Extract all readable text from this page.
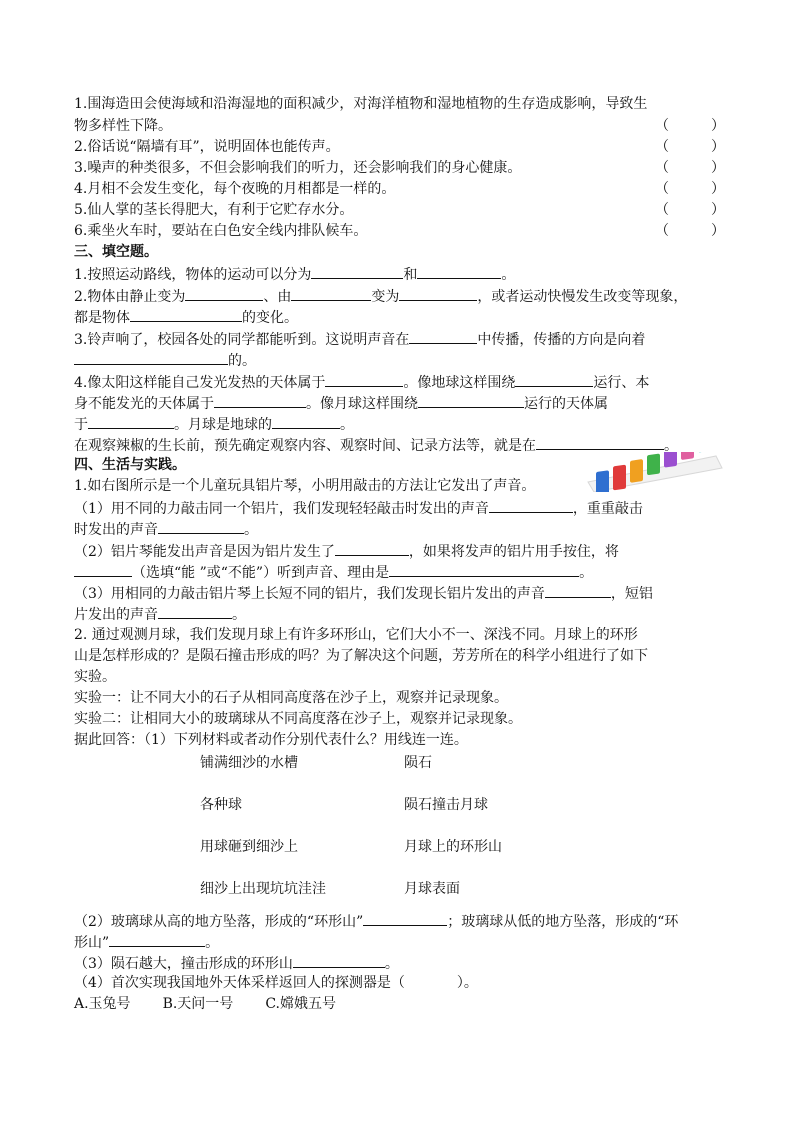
1.围海造田会使海域和沿海湿地的面积减少，对海洋植物和湿地植物的生存造成影响，导致生
物多样性下降。	（	）
2.俗话说“隔墙有耳”，说明固体也能传声。	（	）
3.噪声的种类很多，不但会影响我们的听力，还会影响我们的身心健康。	（	）
4.月相不会发生变化，每个夜晚的月相都是一样的。	（	）
5.仙人掌的茎长得肥大，有利于它贮存水分。	（	）
6.乘坐火车时，要站在白色安全线内排队候车。	（	）
三、填空题。
1.按照运动路线，物体的运动可以分为	和	。
2.物体由静止变为	、由	变为	，或者运动快慢发生改变等现象，
都是物体	的变化。
3.铃声响了，校园各处的同学都能听到。这说明声音在	中传播，传播的方向是向着
的。
4.像太阳这样能自己发光发热的天体属于	。像地球这样围绕	运行、本
身不能发光的天体属于	。像月球这样围绕	运行的天体属
于	。月球是地球的	。
在观察辣椒的生长前，预先确定观察内容、观察时间、记录方法等，就是在	。
四、生活与实践。
1.如右图所示是一个儿童玩具铝片琴，小明用敲击的方法让它发出了声音。
（1）用不同的力敲击同一个铝片，我们发现轻轻敲击时发出的声音	，重重敲击
时发出的声音	。
（2）铝片琴能发出声音是因为铝片发生了	，如果将发声的铝片用手按住，将
（选填“能 ”或“不能”）听到声音、理由是	。
（3）用相同的力敲击铝片琴上长短不同的铝片，我们发现长铝片发出的声音	，短铝
片发出的声音	。
2. 通过观测月球，我们发现月球上有许多环形山，它们大小不一、深浅不同。月球上的环形
山是怎样形成的？是陨石撞击形成的吗？为了解决这个问题，芳芳所在的科学小组进行了如下
实验。
实验一：让不同大小的石子从相同高度落在沙子上，观察并记录现象。
实验二：让相同大小的玻璃球从不同高度落在沙子上，观察并记录现象。
据此回答：（1）下列材料或者动作分别代表什么？用线连一连。
铺满细沙的水槽	陨石
各种球	陨石撞击月球
用球砸到细沙上	月球上的环形山
细沙上出现坑坑洼洼	月球表面
（2）玻璃球从高的地方坠落，形成的“环形山”	；玻璃球从低的地方坠落，形成的“环
形山”	。
（3）陨石越大，撞击形成的环形山	。
（4）首次实现我国地外天体采样返回人的探测器是（	）。
A.玉兔号 B.天问一号 C.嫦娥五号
